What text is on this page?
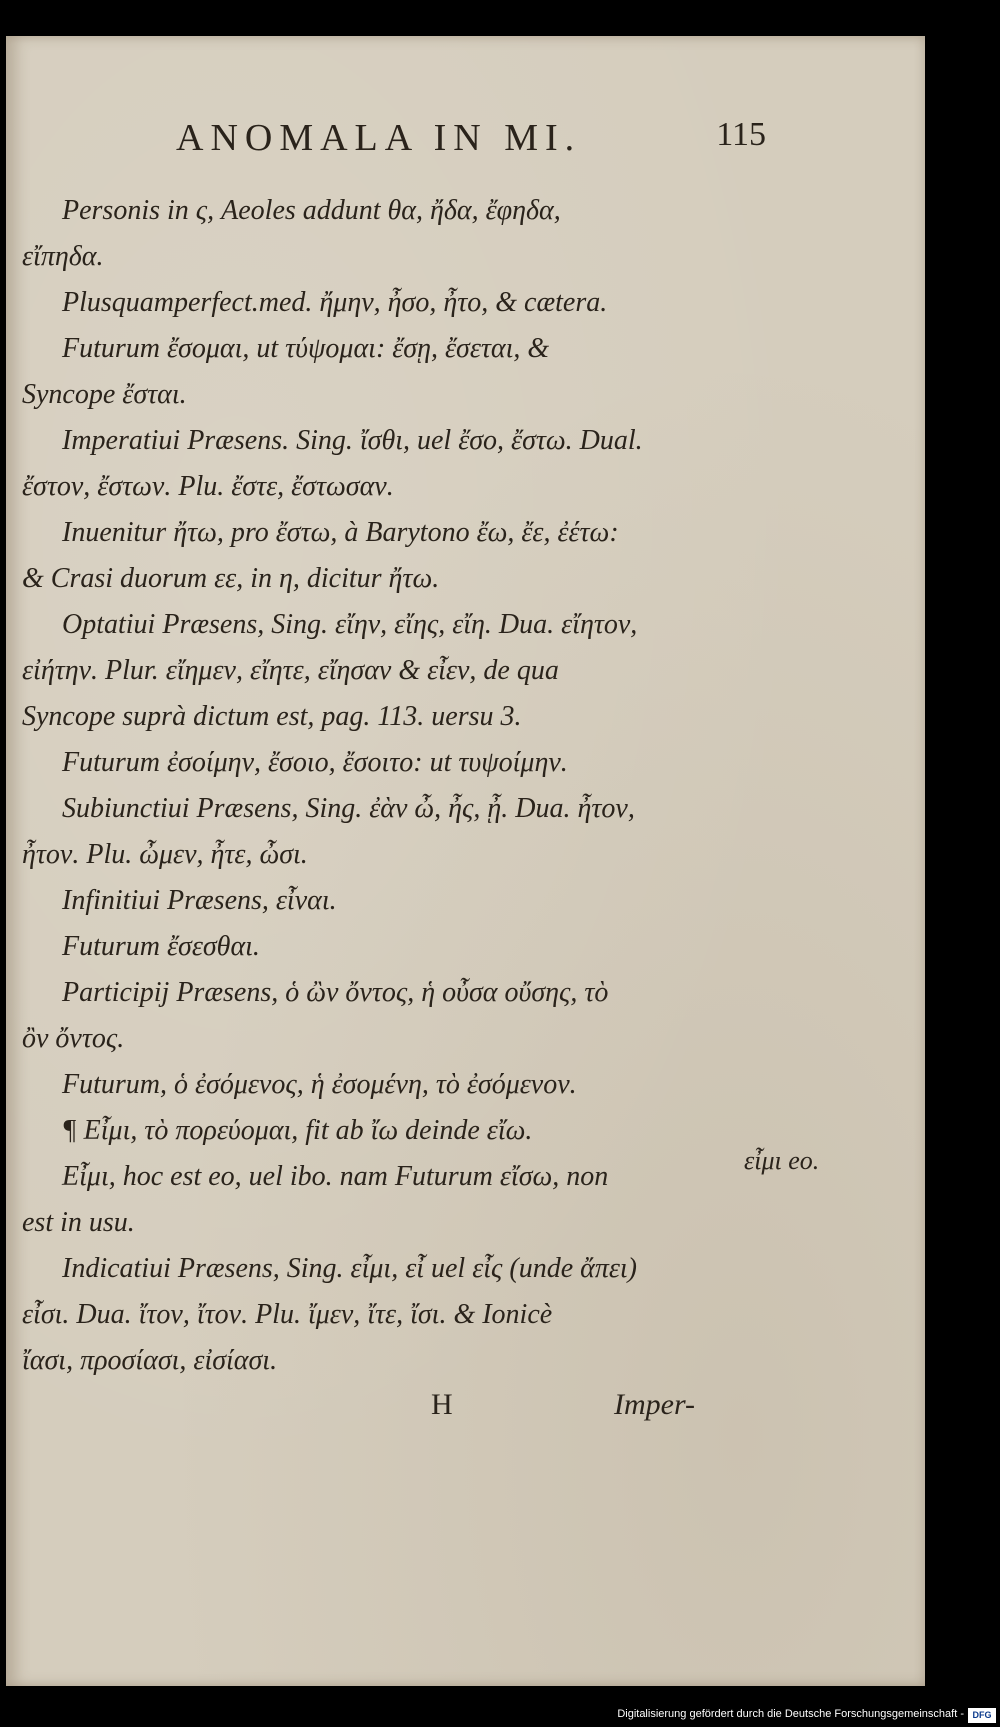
ANOMALA IN MI.	115
Personis in ς, Aeoles addunt θα, ἤδα, ἔφηδα,
εἴπηδα.
Plusquamperfect.med. ἤμην, ἦσο, ἦτο, & cætera.
Futurum ἔσομαι, ut τύψομαι: ἔσῃ, ἔσεται, &
Syncope ἔσται.
Imperatiui Præsens. Sing. ἴσθι, uel ἔσο, ἔστω. Dual.
ἔστον, ἔστων. Plu. ἔστε, ἔστωσαν.
Inuenitur ἤτω, pro ἔστω, à Barytono ἔω, ἔε, ἐέτω:
& Crasi duorum εε, in η, dicitur ἤτω.
Optatiui Præsens, Sing. εἴην, εἴης, εἴη. Dua. εἴητον,
εἰήτην. Plur. εἴημεν, εἴητε, εἴησαν & εἶεν, de qua
Syncope suprà dictum est, pag. 113. uersu 3.
Futurum ἐσοίμην, ἔσοιο, ἔσοιτο: ut τυψοίμην.
Subiunctiui Præsens, Sing. ἐὰν ὦ, ἦς, ᾖ. Dua. ἦτον,
ἦτον. Plu. ὦμεν, ἦτε, ὦσι.
Infinitiui Præsens, εἶναι.
Futurum ἔσεσθαι.
Participij Præsens, ὁ ὢν ὄντος, ἡ οὖσα οὔσης, τὸ
ὂν ὄντος.
Futurum, ὁ ἐσόμενος, ἡ ἐσομένη, τὸ ἐσόμενον.
¶ Εἶμι, τὸ πορεύομαι, fit ab ἴω deinde εἴω.
Εἶμι, hoc est eo, uel ibo. nam Futurum εἴσω, non
est in usu.
Indicatiui Præsens, Sing. εἶμι, εἶ uel εἶς (unde ἄπει)
εἶσι. Dua. ἴτον, ἴτον. Plu. ἴμεν, ἴτε, ἴσι. & Ionicè
ἴασι, προσίασι, εἰσίασι.
εἶμι eo.
H	Imper-
Digitalisierung gefördert durch die Deutsche Forschungsgemeinschaft - DFG
